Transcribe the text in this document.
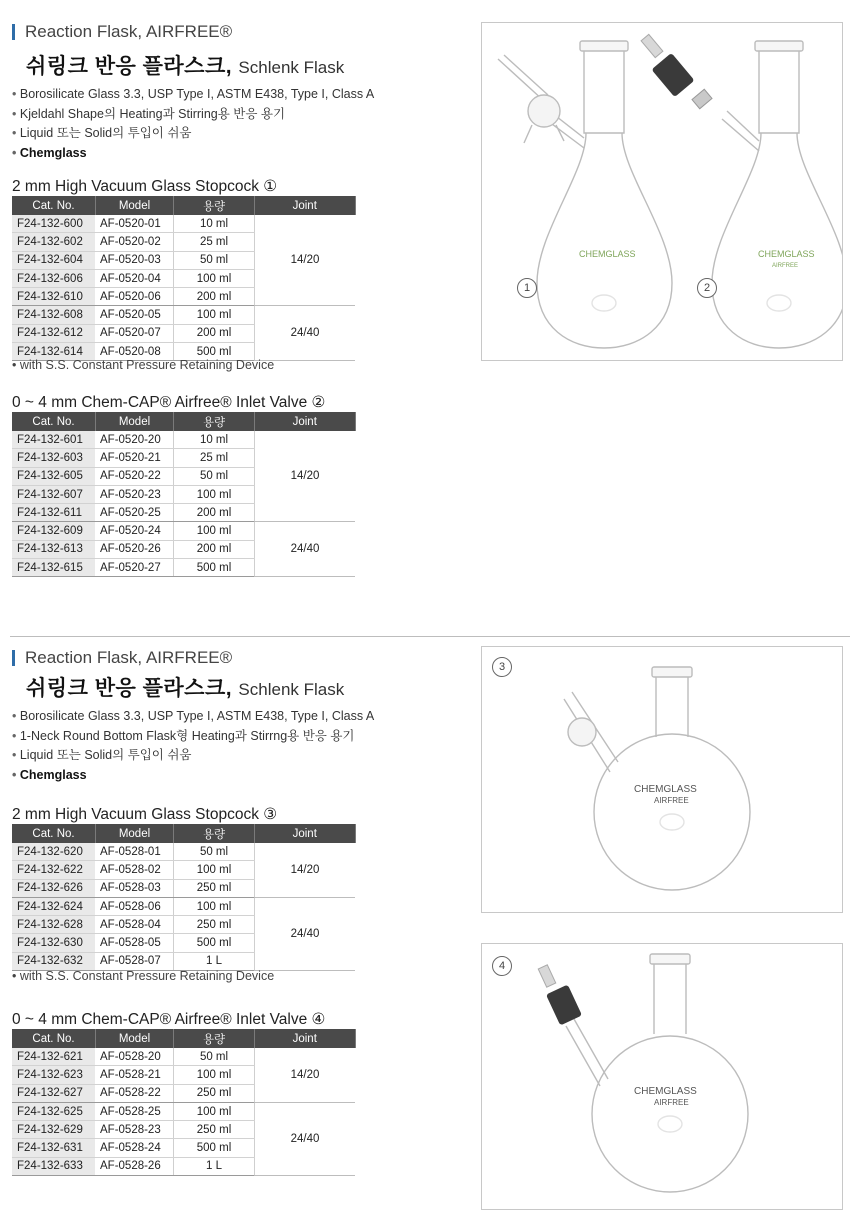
Reaction Flask, AIRFREE®
쉬링크 반응 플라스크, Schlenk Flask
• Borosilicate Glass 3.3, USP Type I, ASTM E438, Type I, Class A
• Kjeldahl Shape의 Heating과 Stirring용 반응 용기
• Liquid 또는 Solid의 투입이 쉬움
• Chemglass
2 mm High Vacuum Glass Stopcock ①
Cat. No.	Model	용량	Joint
F24-132-600	AF-0520-01	10 ml	14/20
F24-132-602	AF-0520-02	25 ml	
F24-132-604	AF-0520-03	50 ml	
F24-132-606	AF-0520-04	100 ml	
F24-132-610	AF-0520-06	200 ml	
F24-132-608	AF-0520-05	100 ml	24/40
F24-132-612	AF-0520-07	200 ml	
F24-132-614	AF-0520-08	500 ml	
• with S.S. Constant Pressure Retaining Device
0 ~ 4 mm Chem-CAP® Airfree® Inlet Valve ②
Cat. No.	Model	용량	Joint
F24-132-601	AF-0520-20	10 ml	14/20
F24-132-603	AF-0520-21	25 ml	
F24-132-605	AF-0520-22	50 ml	
F24-132-607	AF-0520-23	100 ml	
F24-132-611	AF-0520-25	200 ml	
F24-132-609	AF-0520-24	100 ml	24/40
F24-132-613	AF-0520-26	200 ml	
F24-132-615	AF-0520-27	500 ml	
CHEMGLASS	CHEMGLASS
AIRFREE
1	2
Reaction Flask, AIRFREE®
쉬링크 반응 플라스크, Schlenk Flask
• Borosilicate Glass 3.3, USP Type I, ASTM E438, Type I, Class A
• 1-Neck Round Bottom Flask형 Heating과 Stirrng용 반응 용기
• Liquid 또는 Solid의 투입이 쉬움
• Chemglass
2 mm High Vacuum Glass Stopcock ③
Cat. No.	Model	용량	Joint
F24-132-620	AF-0528-01	50 ml	14/20
F24-132-622	AF-0528-02	100 ml	
F24-132-626	AF-0528-03	250 ml	
F24-132-624	AF-0528-06	100 ml	24/40
F24-132-628	AF-0528-04	250 ml	
F24-132-630	AF-0528-05	500 ml	
F24-132-632	AF-0528-07	1 L	
• with S.S. Constant Pressure Retaining Device
0 ~ 4 mm Chem-CAP® Airfree® Inlet Valve ④
Cat. No.	Model	용량	Joint
F24-132-621	AF-0528-20	50 ml	14/20
F24-132-623	AF-0528-21	100 ml	
F24-132-627	AF-0528-22	250 ml	
F24-132-625	AF-0528-25	100 ml	24/40
F24-132-629	AF-0528-23	250 ml	
F24-132-631	AF-0528-24	500 ml	
F24-132-633	AF-0528-26	1 L	
CHEMGLASS
AIRFREE
3
CHEMGLASS
AIRFREE
4
